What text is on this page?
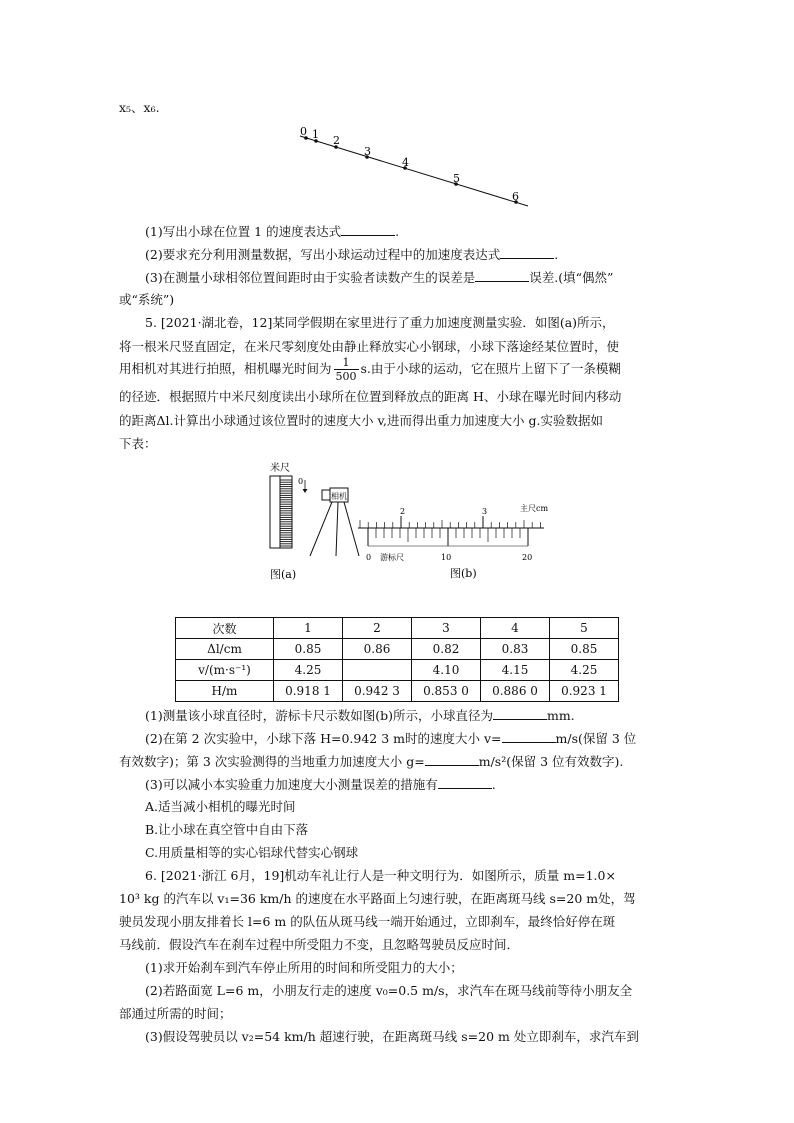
x₅、x₆.
0 1 2
3
4
5
6
(1)写出小球在位置 1 的速度表达式	.
(2)要求充分利用测量数据，写出小球运动过程中的加速度表达式	.
(3)在测量小球相邻位置间距时由于实验者读数产生的误差是	误差.(填“偶然”
或“系统”)
5. [2021·湖北卷，12]某同学假期在家里进行了重力加速度测量实验．如图(a)所示，
将一根米尺竖直固定，在米尺零刻度处由静止释放实心小钢球，小球下落途经某位置时，使
用相机对其进行拍照，相机曝光时间为 $\frac{1}{500} s$.由于小球的运动，它在照片上留下了一条模糊
的径迹．根据照片中米尺刻度读出小球所在位置到释放点的距离 H、小球在曝光时间内移动
的距离Δl.计算出小球通过该位置时的速度大小 v,进而得出重力加速度大小 g.实验数据如
下表：
米尺
0
相机
图(a)
2	3	主尺cm
0 游标尺	10	20
图(b)
次数	1	2	3	4	5
Δl/cm	0.85	0.86	0.82	0.83	0.85
v/(m·s⁻¹)	4.25		4.10	4.15	4.25
H/m	0.918 1	0.942 3	0.853 0	0.886 0	0.923 1
(1)测量该小球直径时，游标卡尺示数如图(b)所示，小球直径为	mm.
(2)在第 2 次实验中，小球下落 H=0.942 3 m时的速度大小 v=	m/s(保留 3 位
有效数字)；第 3 次实验测得的当地重力加速度大小 g=	m/s²(保留 3 位有效数字).
(3)可以减小本实验重力加速度大小测量误差的措施有	.
A.适当减小相机的曝光时间
B.让小球在真空管中自由下落
C.用质量相等的实心铝球代替实心钢球
6. [2021·浙江 6月，19]机动车礼让行人是一种文明行为．如图所示，质量 m=1.0×
10³ kg 的汽车以 v₁=36 km/h 的速度在水平路面上匀速行驶，在距离斑马线 s=20 m处，驾
驶员发现小朋友排着长 l=6 m 的队伍从斑马线一端开始通过，立即刹车，最终恰好停在斑
马线前．假设汽车在刹车过程中所受阻力不变，且忽略驾驶员反应时间．
(1)求开始刹车到汽车停止所用的时间和所受阻力的大小；
(2)若路面宽 L=6 m，小朋友行走的速度 v₀=0.5 m/s，求汽车在斑马线前等待小朋友全
部通过所需的时间；
(3)假设驾驶员以 v₂=54 km/h 超速行驶，在距离斑马线 s=20 m 处立即刹车，求汽车到
